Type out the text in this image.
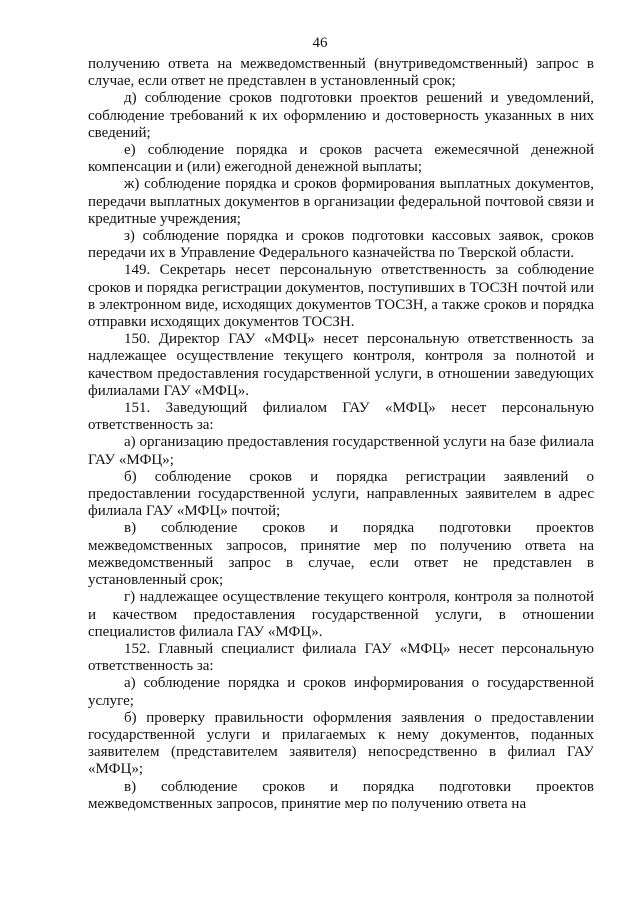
46

получению ответа на межведомственный (внутриведомственный) запрос в случае, если ответ не представлен в установленный срок;

д) соблюдение сроков подготовки проектов решений и уведомлений, соблюдение требований к их оформлению и достоверность указанных в них сведений;

е) соблюдение порядка и сроков расчета ежемесячной денежной компенсации и (или) ежегодной денежной выплаты;

ж) соблюдение порядка и сроков формирования выплатных документов, передачи выплатных документов в организации федеральной почтовой связи и кредитные учреждения;

з) соблюдение порядка и сроков подготовки кассовых заявок, сроков передачи их в Управление Федерального казначейства по Тверской области.

149. Секретарь несет персональную ответственность за соблюдение сроков и порядка регистрации документов, поступивших в ТОСЗН почтой или в электронном виде, исходящих документов ТОСЗН, а также сроков и порядка отправки исходящих документов ТОСЗН.

150. Директор ГАУ «МФЦ» несет персональную ответственность за надлежащее осуществление текущего контроля, контроля за полнотой и качеством предоставления государственной услуги, в отношении заведующих филиалами ГАУ «МФЦ».

151. Заведующий филиалом ГАУ «МФЦ» несет персональную ответственность за:

а) организацию предоставления государственной услуги на базе филиала ГАУ «МФЦ»;

б) соблюдение сроков и порядка регистрации заявлений о предоставлении государственной услуги, направленных заявителем в адрес филиала ГАУ «МФЦ» почтой;

в) соблюдение сроков и порядка подготовки проектов межведомственных запросов, принятие мер по получению ответа на межведомственный запрос в случае, если ответ не представлен в установленный срок;

г) надлежащее осуществление текущего контроля, контроля за полнотой и качеством предоставления государственной услуги, в отношении специалистов филиала ГАУ «МФЦ».

152. Главный специалист филиала ГАУ «МФЦ» несет персональную ответственность за:

а) соблюдение порядка и сроков информирования о государственной услуге;

б) проверку правильности оформления заявления о предоставлении государственной услуги и прилагаемых к нему документов, поданных заявителем (представителем заявителя) непосредственно в филиал ГАУ «МФЦ»;

в) соблюдение сроков и порядка подготовки проектов межведомственных запросов, принятие мер по получению ответа на
